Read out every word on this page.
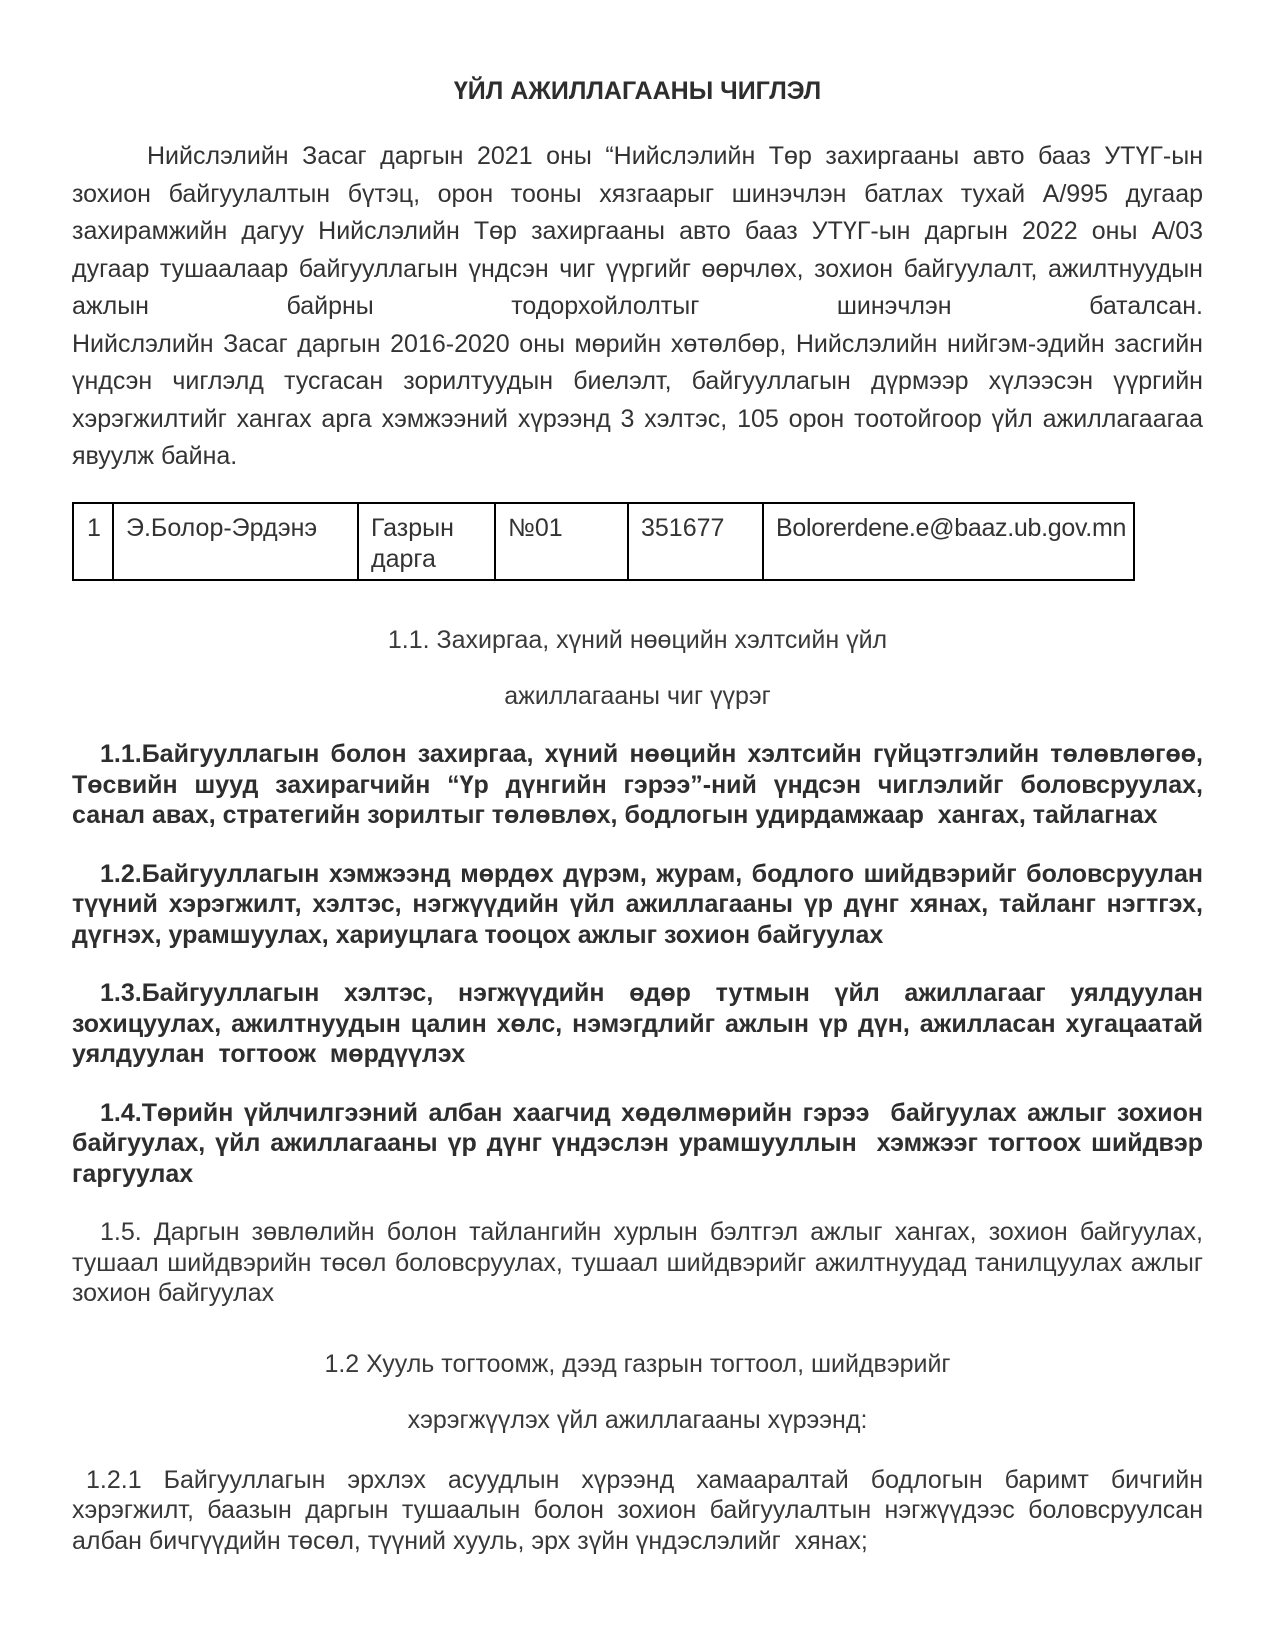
ҮЙЛ АЖИЛЛАГААНЫ ЧИГЛЭЛ

Нийслэлийн Засаг даргын 2021 оны “Нийслэлийн Төр захиргааны авто бааз УТҮГ-ын зохион байгуулалтын бүтэц, орон тооны хязгаарыг шинэчлэн батлах тухай А/995 дугаар захирамжийн дагуу Нийслэлийн Төр захиргааны авто бааз УТҮГ-ын даргын 2022 оны А/03 дугаар тушаалаар байгууллагын үндсэн чиг үүргийг өөрчлөх, зохион байгуулалт, ажилтнуудын ажлын байрны тодорхойлолтыг шинэчлэн баталсан.

Нийслэлийн Засаг даргын 2016-2020 оны мөрийн хөтөлбөр, Нийслэлийн нийгэм-эдийн засгийн үндсэн чиглэлд тусгасан зорилтуудын биелэлт, байгууллагын дүрмээр хүлээсэн үүргийн хэрэгжилтийг хангах арга хэмжээний хүрээнд 3 хэлтэс, 105 орон тоотойгоор үйл ажиллагаагаа явуулж байна.

1	Э.Болор-Эрдэнэ	Газрын дарга	№01	351677	Bolorerdene.e@baaz.ub.gov.mn
1.1. Захиргаа, хүний нөөцийн хэлтсийн үйл
ажиллагааны чиг үүрэг

1.1.Байгууллагын болон захиргаа, хүний нөөцийн хэлтсийн гүйцэтгэлийн төлөвлөгөө, Төсвийн шууд захирагчийн “Үр дүнгийн гэрээ”-ний үндсэн чиглэлийг боловсруулах, санал авах, стратегийн зорилтыг төлөвлөх, бодлогын удирдамжаар  хангах, тайлагнах

1.2.Байгууллагын хэмжээнд мөрдөх дүрэм, журам, бодлого шийдвэрийг боловсруулан түүний хэрэгжилт, хэлтэс, нэгжүүдийн үйл ажиллагааны үр дүнг хянах, тайланг нэгтгэх, дүгнэх, урамшуулах, хариуцлага тооцох ажлыг зохион байгуулах

1.3.Байгууллагын хэлтэс, нэгжүүдийн өдөр тутмын үйл ажиллагааг уялдуулан зохицуулах, ажилтнуудын цалин хөлс, нэмэгдлийг ажлын үр дүн, ажилласан хугацаатай уялдуулан  тогтоож  мөрдүүлэх

1.4.Төрийн үйлчилгээний албан хаагчид хөдөлмөрийн гэрээ  байгуулах ажлыг зохион байгуулах, үйл ажиллагааны үр дүнг үндэслэн урамшууллын  хэмжээг тогтоох шийдвэр  гаргуулах

1.5. Даргын зөвлөлийн болон тайлангийн хурлын бэлтгэл ажлыг хангах, зохион байгуулах, тушаал шийдвэрийн төсөл боловсруулах, тушаал шийдвэрийг ажилтнуудад танилцуулах ажлыг зохион байгуулах

1.2 Хууль тогтоомж, дээд газрын тогтоол, шийдвэрийг
хэрэгжүүлэх үйл ажиллагааны хүрээнд:

1.2.1 Байгууллагын эрхлэх асуудлын хүрээнд хамааралтай бодлогын баримт бичгийн хэрэгжилт, баазын даргын тушаалын болон зохион байгуулалтын нэгжүүдээс боловсруулсан албан бичгүүдийн төсөл, түүний хууль, эрх зүйн үндэслэлийг  хянах;
